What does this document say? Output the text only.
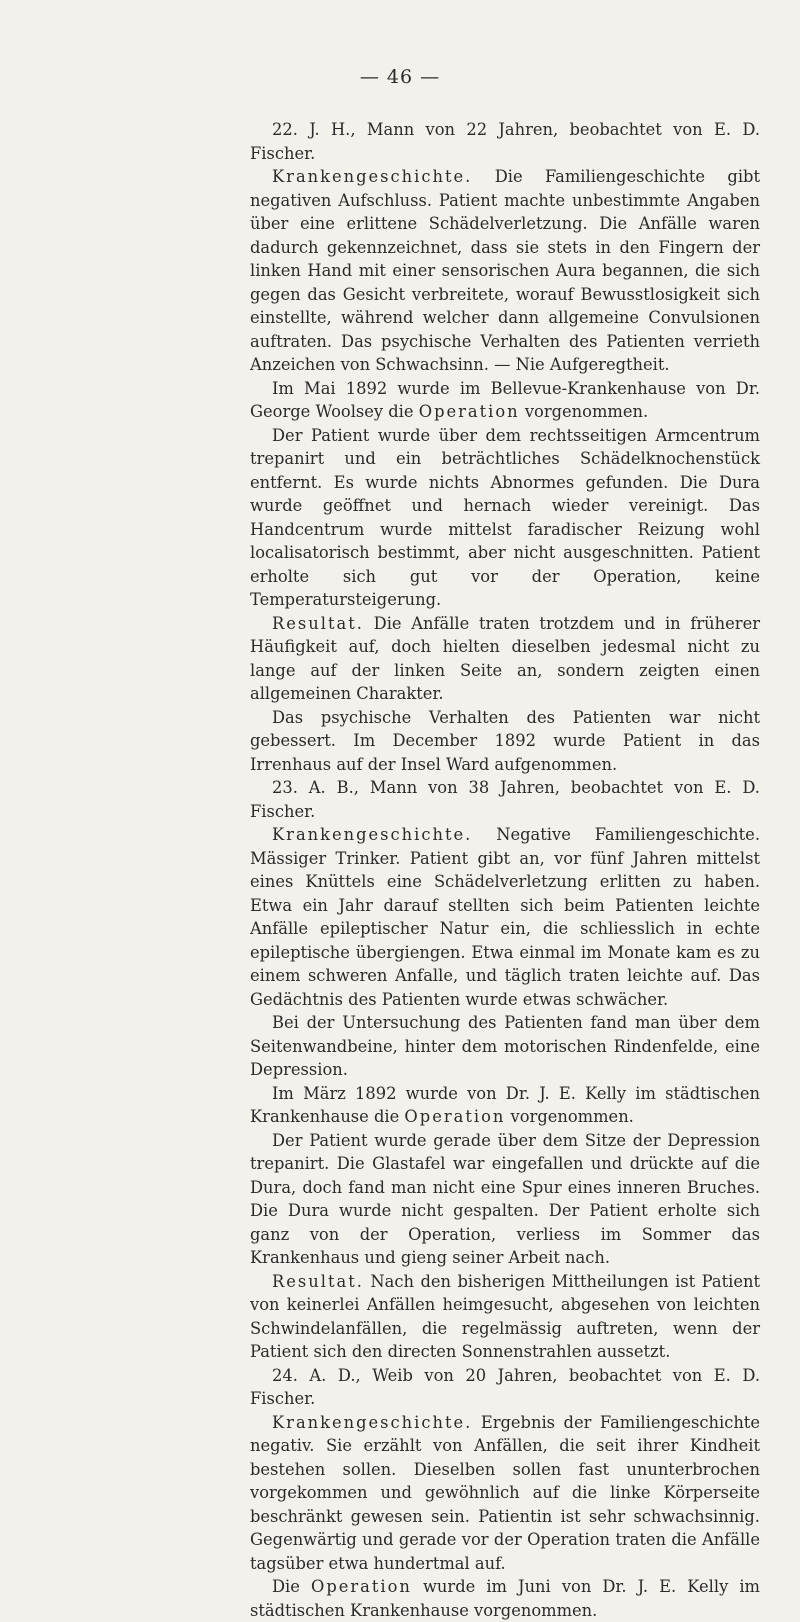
— 46 —

22. J. H., Mann von 22 Jahren, beobachtet von E. D. Fischer.

Krankengeschichte. Die Familiengeschichte gibt negativen Aufschluss. Patient machte unbestimmte Angaben über eine erlittene Schädelverletzung. Die Anfälle waren dadurch gekennzeichnet, dass sie stets in den Fingern der linken Hand mit einer sensorischen Aura begannen, die sich gegen das Gesicht verbreitete, worauf Bewusstlosigkeit sich einstellte, während welcher dann allgemeine Convulsionen auftraten. Das psychische Verhalten des Patienten verrieth Anzeichen von Schwachsinn. — Nie Aufgeregtheit.

Im Mai 1892 wurde im Bellevue-Krankenhause von Dr. George Woolsey die Operation vorgenommen.

Der Patient wurde über dem rechtsseitigen Armcentrum trepanirt und ein beträchtliches Schädelknochenstück entfernt. Es wurde nichts Abnormes gefunden. Die Dura wurde geöffnet und hernach wieder vereinigt. Das Handcentrum wurde mittelst faradischer Reizung wohl localisatorisch bestimmt, aber nicht ausgeschnitten. Patient erholte sich gut vor der Operation, keine Temperatursteigerung.

Resultat. Die Anfälle traten trotzdem und in früherer Häufigkeit auf, doch hielten dieselben jedesmal nicht zu lange auf der linken Seite an, sondern zeigten einen allgemeinen Charakter.

Das psychische Verhalten des Patienten war nicht gebessert. Im December 1892 wurde Patient in das Irrenhaus auf der Insel Ward aufgenommen.

23. A. B., Mann von 38 Jahren, beobachtet von E. D. Fischer.

Krankengeschichte. Negative Familiengeschichte. Mässiger Trinker. Patient gibt an, vor fünf Jahren mittelst eines Knüttels eine Schädelverletzung erlitten zu haben. Etwa ein Jahr darauf stellten sich beim Patienten leichte Anfälle epileptischer Natur ein, die schliesslich in echte epileptische übergiengen. Etwa einmal im Monate kam es zu einem schweren Anfalle, und täglich traten leichte auf. Das Gedächtnis des Patienten wurde etwas schwächer.

Bei der Untersuchung des Patienten fand man über dem Seitenwandbeine, hinter dem motorischen Rindenfelde, eine Depression.

Im März 1892 wurde von Dr. J. E. Kelly im städtischen Krankenhause die Operation vorgenommen.

Der Patient wurde gerade über dem Sitze der Depression trepanirt. Die Glastafel war eingefallen und drückte auf die Dura, doch fand man nicht eine Spur eines inneren Bruches. Die Dura wurde nicht gespalten. Der Patient erholte sich ganz von der Operation, verliess im Sommer das Krankenhaus und gieng seiner Arbeit nach.

Resultat. Nach den bisherigen Mittheilungen ist Patient von keinerlei Anfällen heimgesucht, abgesehen von leichten Schwindelanfällen, die regelmässig auftreten, wenn der Patient sich den directen Sonnenstrahlen aussetzt.

24. A. D., Weib von 20 Jahren, beobachtet von E. D. Fischer.

Krankengeschichte. Ergebnis der Familiengeschichte negativ. Sie erzählt von Anfällen, die seit ihrer Kindheit bestehen sollen. Dieselben sollen fast ununterbrochen vorgekommen und gewöhnlich auf die linke Körperseite beschränkt gewesen sein. Patientin ist sehr schwachsinnig. Gegenwärtig und gerade vor der Operation traten die Anfälle tagsüber etwa hundertmal auf.

Die Operation wurde im Juni von Dr. J. E. Kelly im städtischen Krankenhause vorgenommen.
